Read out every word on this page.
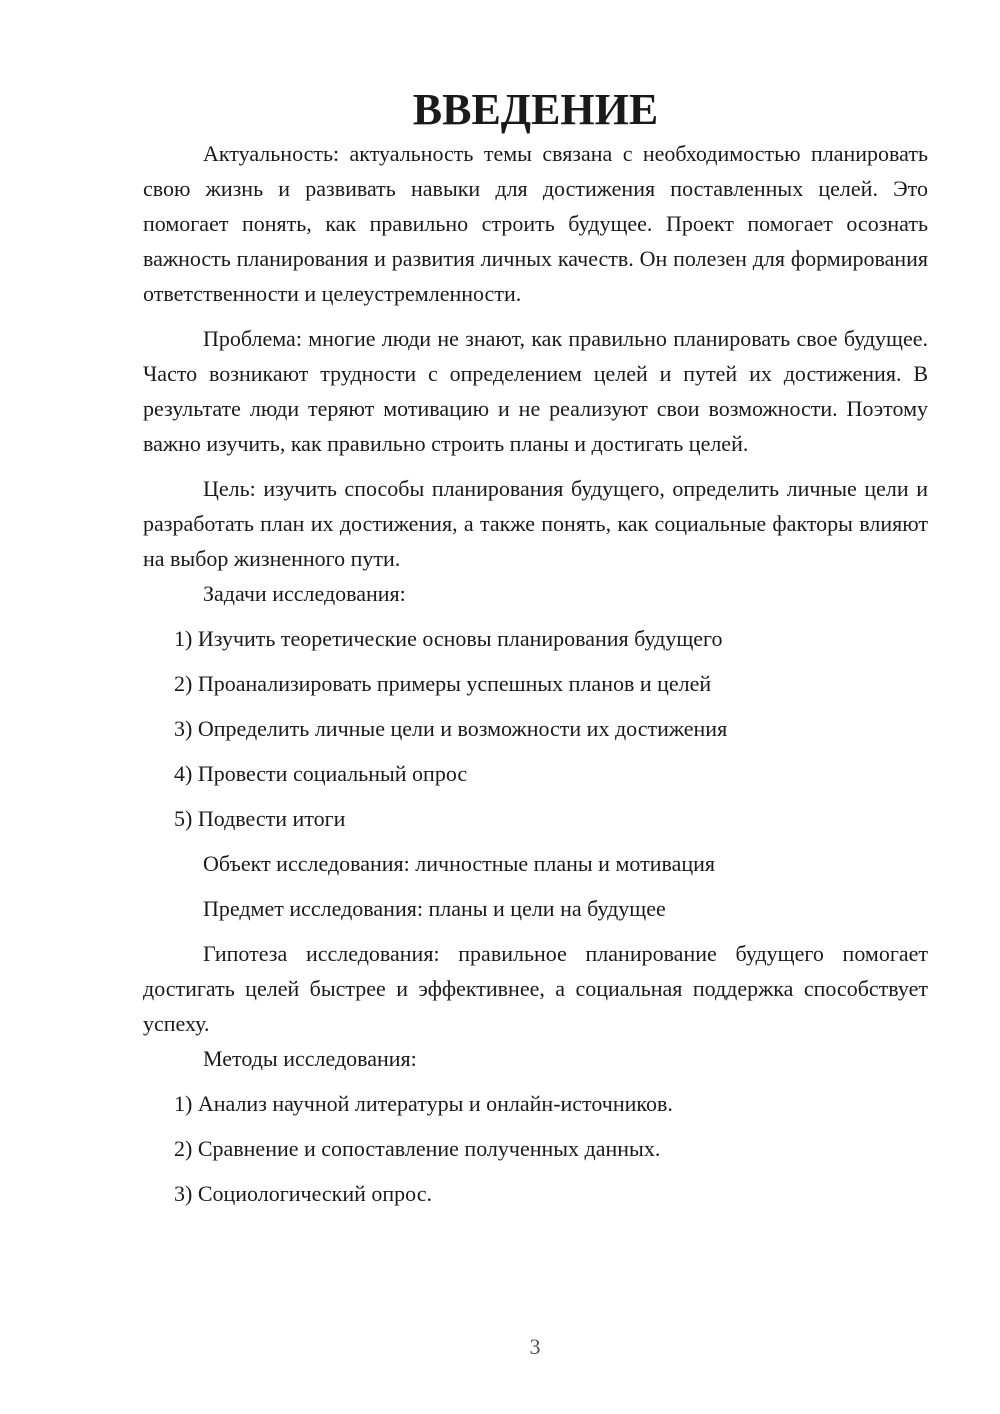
ВВЕДЕНИЕ

Актуальность: актуальность темы связана с необходимостью планировать свою жизнь и развивать навыки для достижения поставленных целей. Это помогает понять, как правильно строить будущее. Проект помогает осознать важность планирования и развития личных качеств. Он полезен для формирования ответственности и целеустремленности.

Проблема: многие люди не знают, как правильно планировать свое будущее. Часто возникают трудности с определением целей и путей их достижения. В результате люди теряют мотивацию и не реализуют свои возможности. Поэтому важно изучить, как правильно строить планы и достигать целей.

Цель: изучить способы планирования будущего, определить личные цели и разработать план их достижения, а также понять, как социальные факторы влияют на выбор жизненного пути.

Задачи исследования:

1) Изучить теоретические основы планирования будущего

2) Проанализировать примеры успешных планов и целей

3) Определить личные цели и возможности их достижения

4) Провести социальный опрос

5) Подвести итоги

Объект исследования: личностные планы и мотивация

Предмет исследования: планы и цели на будущее

Гипотеза исследования: правильное планирование будущего помогает достигать целей быстрее и эффективнее, а социальная поддержка способствует успеху.

Методы исследования:

1) Анализ научной литературы и онлайн-источников.

2) Сравнение и сопоставление полученных данных.

3) Социологический опрос.

3
